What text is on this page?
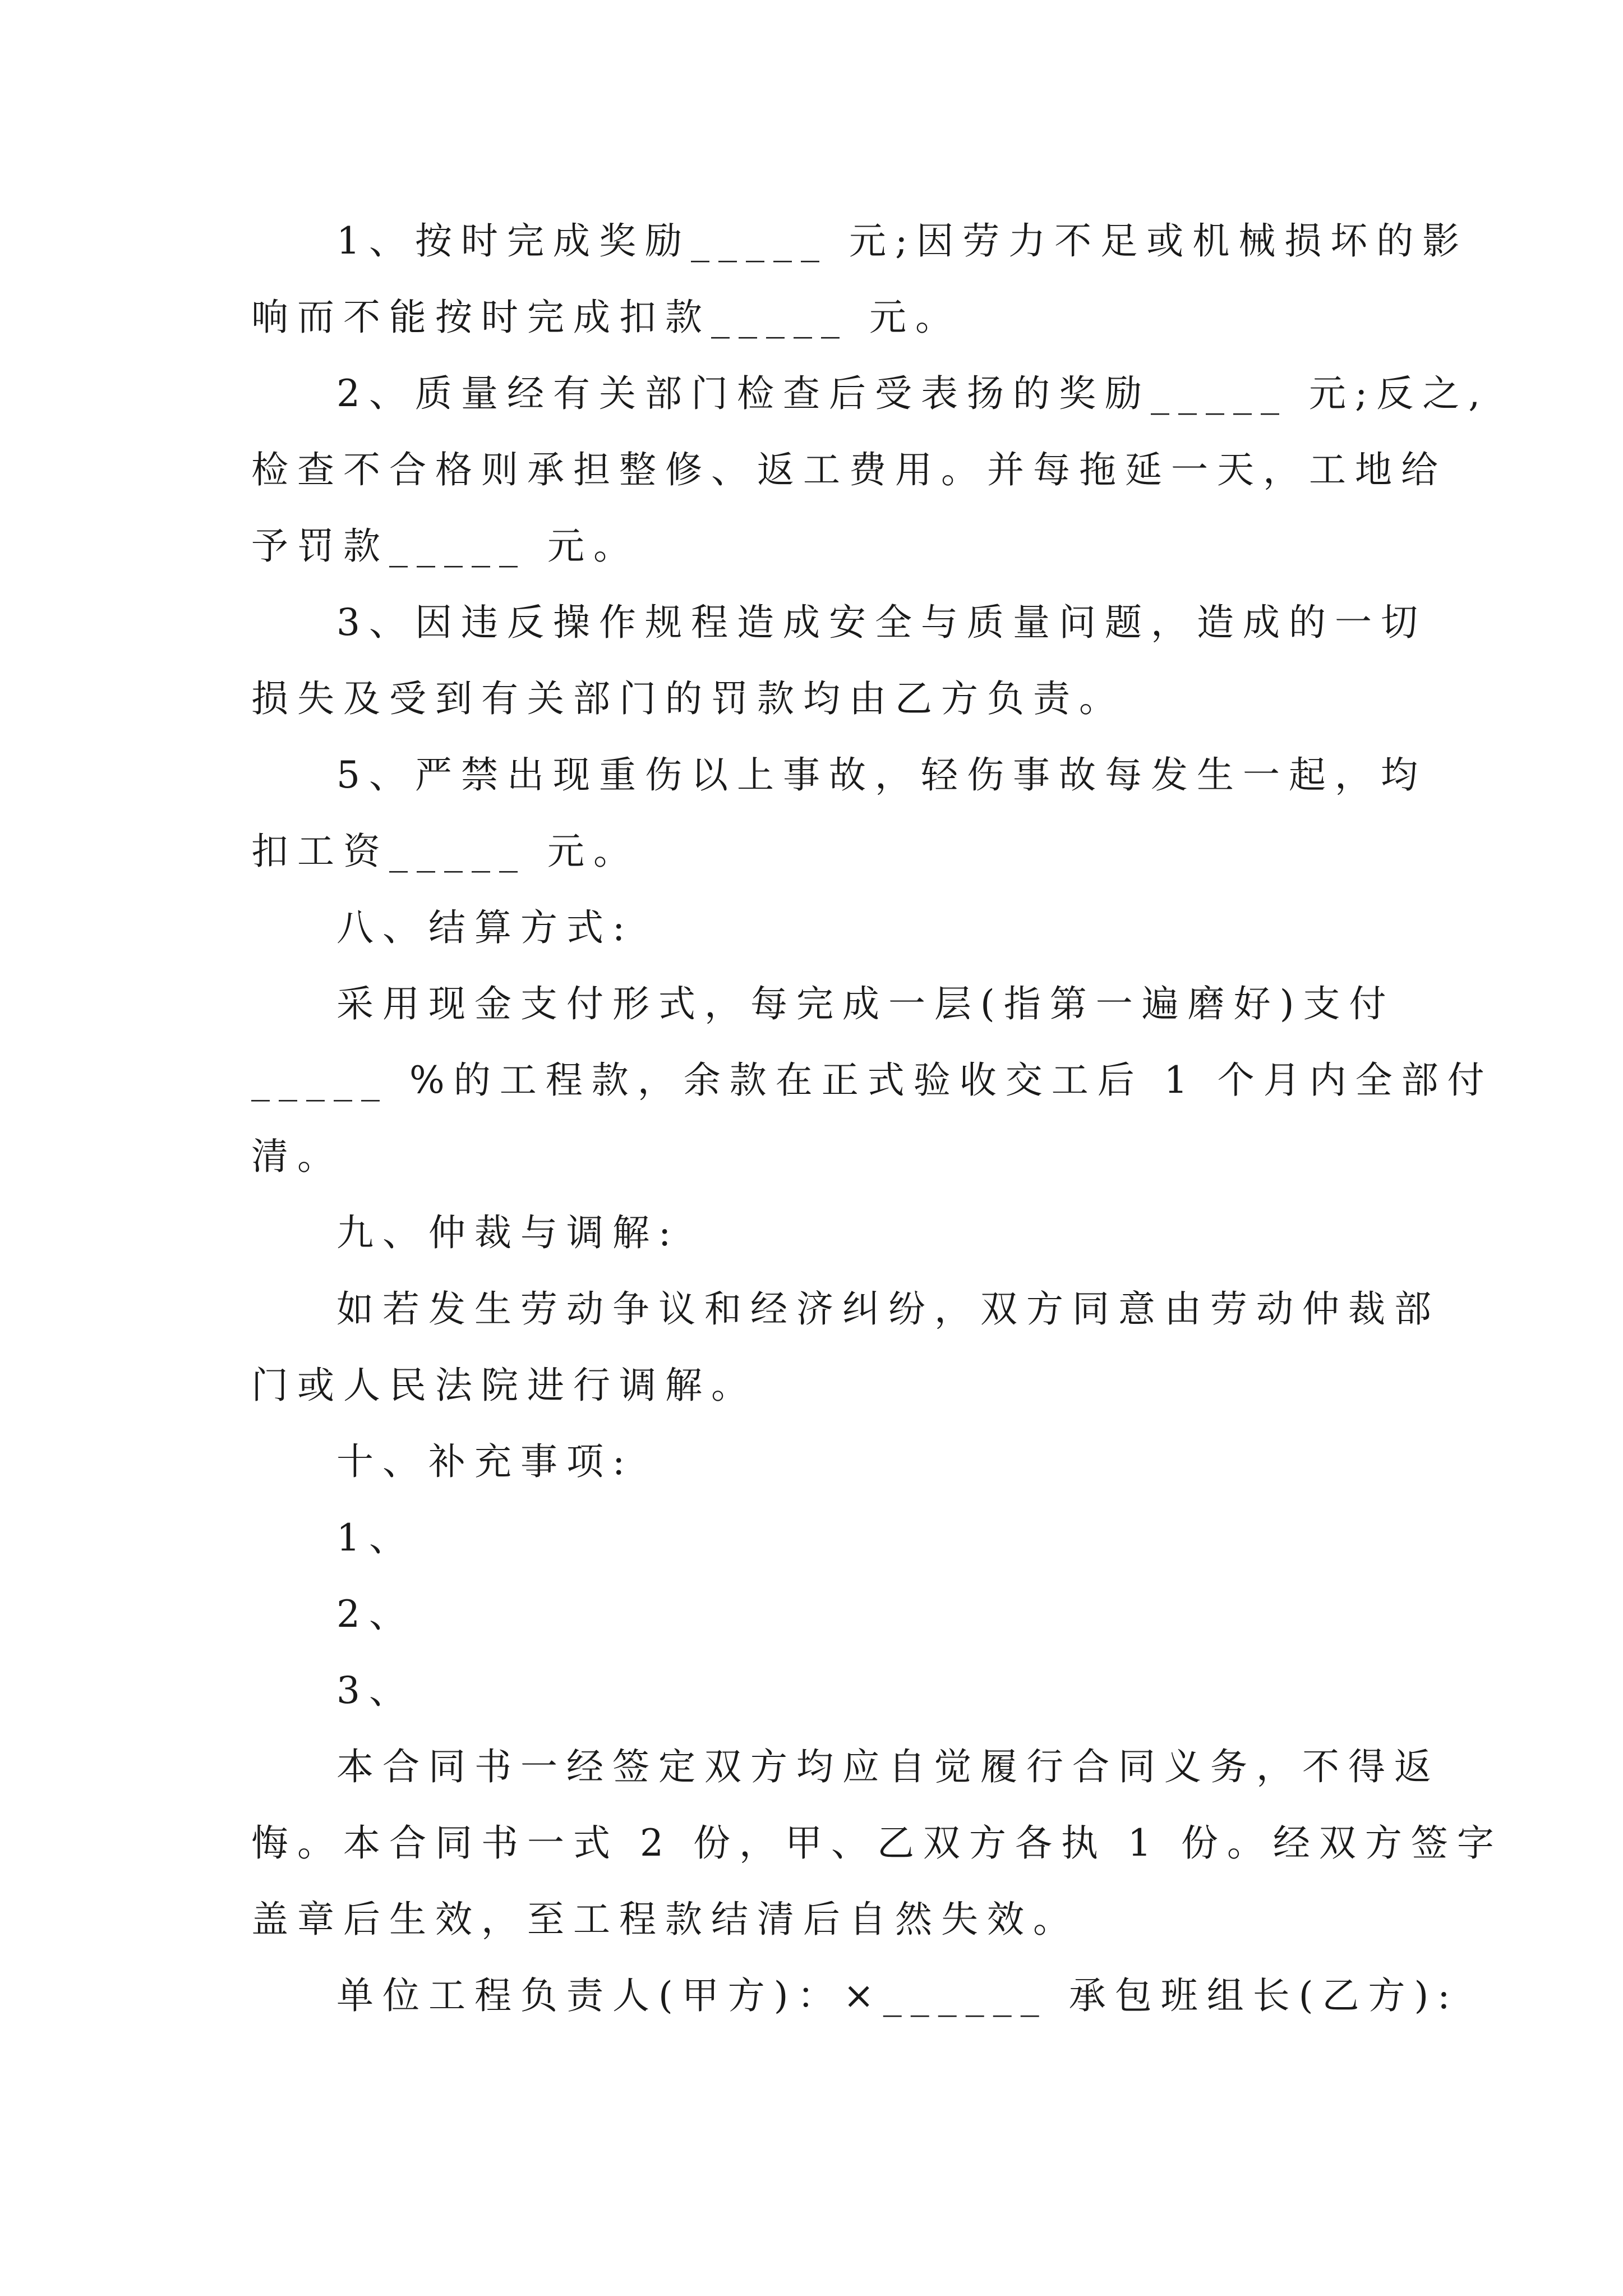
1、按时完成奖励_____ 元;因劳力不足或机械损坏的影
响而不能按时完成扣款_____ 元。
2、质量经有关部门检查后受表扬的奖励_____ 元;反之,
检查不合格则承担整修、返工费用。并每拖延一天，工地给
予罚款_____ 元。
3、因违反操作规程造成安全与质量问题，造成的一切
损失及受到有关部门的罚款均由乙方负责。
5、严禁出现重伤以上事故，轻伤事故每发生一起，均
扣工资_____ 元。
八、结算方式:
采用现金支付形式，每完成一层(指第一遍磨好)支付
_____ %的工程款，余款在正式验收交工后 1 个月内全部付
清。
九、仲裁与调解:
如若发生劳动争议和经济纠纷，双方同意由劳动仲裁部
门或人民法院进行调解。
十、补充事项:
1、
2、
3、
本合同书一经签定双方均应自觉履行合同义务，不得返
悔。本合同书一式 2 份，甲、乙双方各执 1 份。经双方签字
盖章后生效，至工程款结清后自然失效。
单位工程负责人(甲方)：×______ 承包班组长(乙方):
